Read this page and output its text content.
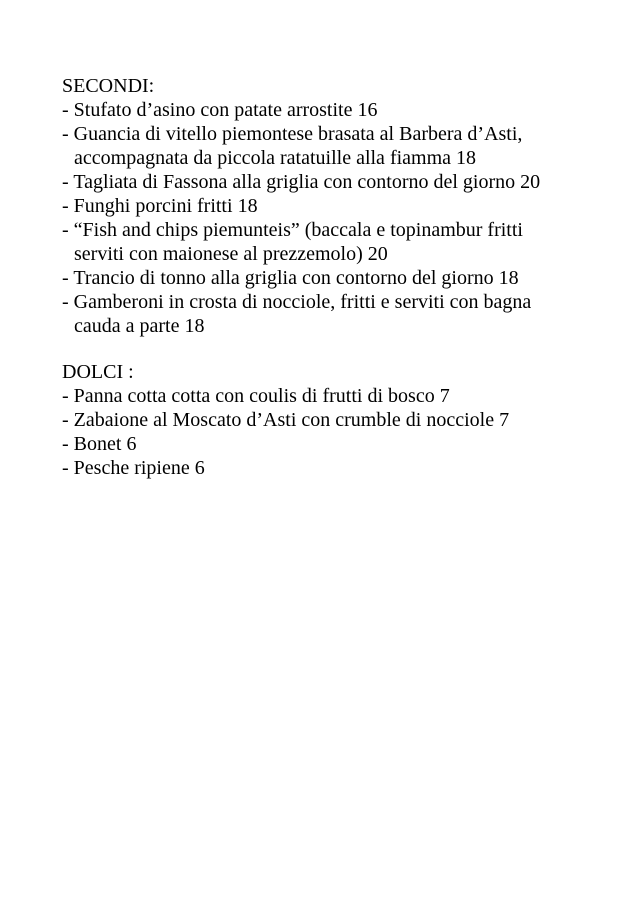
SECONDI:
- Stufato d’asino con patate arrostite 16
- Guancia di vitello piemontese brasata al Barbera d’Asti, accompagnata da piccola ratatuille alla fiamma 18
- Tagliata di Fassona alla griglia con contorno del giorno 20
- Funghi porcini fritti 18
- “Fish and chips piemunteis” (baccala e topinambur fritti serviti con maionese al prezzemolo) 20
- Trancio di tonno alla griglia con contorno del giorno 18
- Gamberoni in crosta di nocciole, fritti e serviti con bagna cauda a parte 18
DOLCI :
- Panna cotta cotta con coulis di frutti di bosco 7
- Zabaione al Moscato d’Asti con crumble di nocciole 7
- Bonet 6
- Pesche ripiene 6
